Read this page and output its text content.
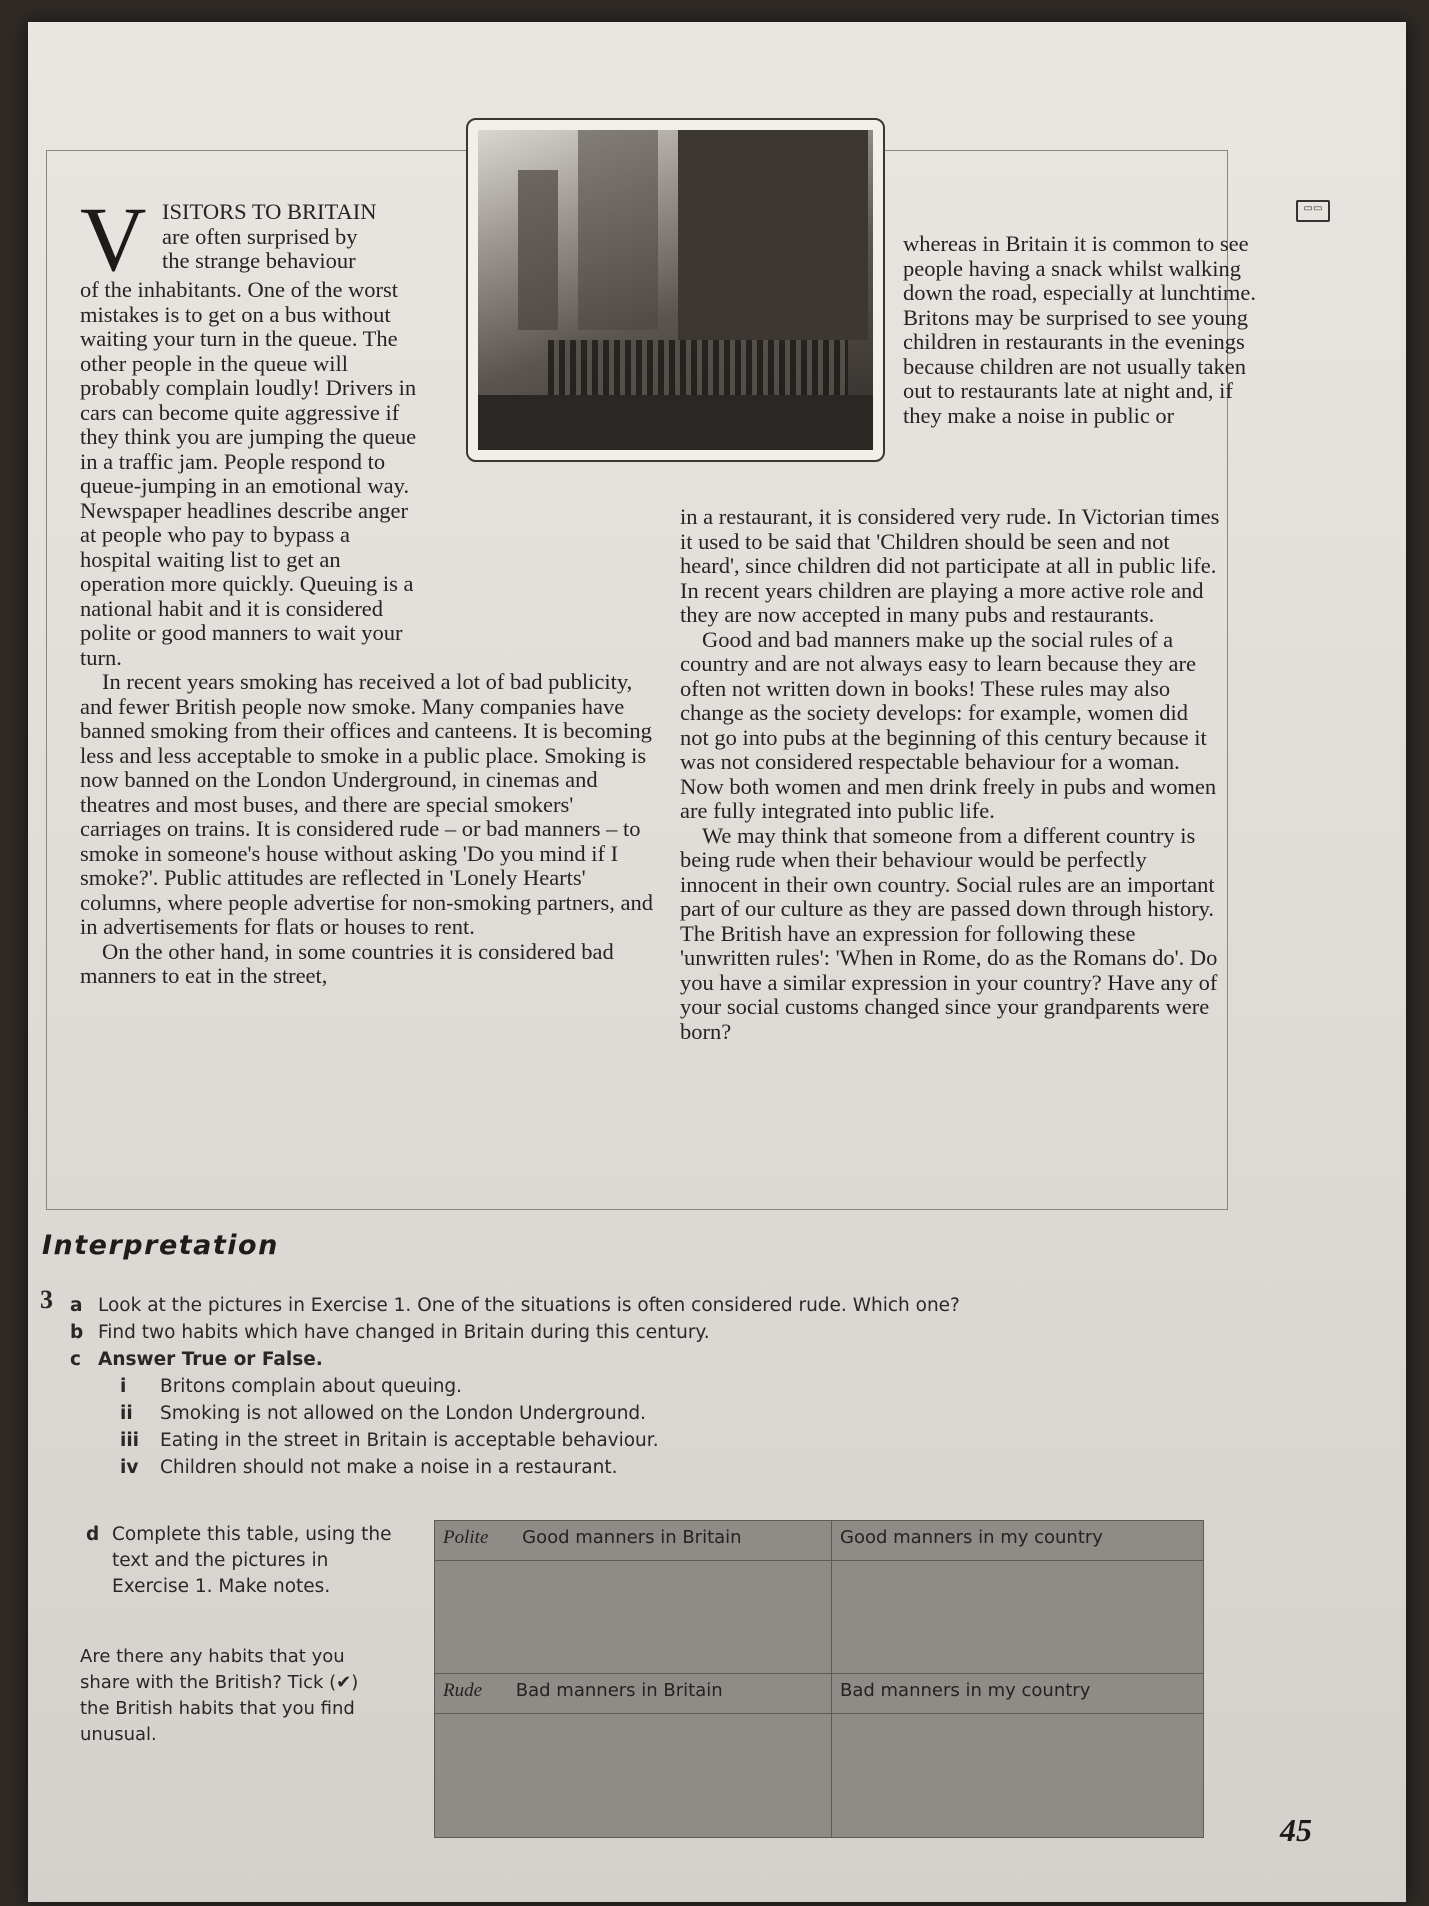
▭▭
V ISITORS TO BRITAIN
are often surprised by
the strange behaviour

of the inhabitants. One of the worst mistakes is to get on a bus without waiting your turn in the queue. The other people in the queue will probably complain loudly! Drivers in cars can become quite aggressive if they think you are jumping the queue in a traffic jam. People respond to queue-jumping in an emotional way. Newspaper headlines describe anger at people who pay to bypass a hospital waiting list to get an operation more quickly. Queuing is a national habit and it is considered polite or good manners to wait your turn.

In recent years smoking has received a lot of bad publicity, and fewer British people now smoke. Many companies have banned smoking from their offices and canteens. It is becoming less and less acceptable to smoke in a public place. Smoking is now banned on the London Underground, in cinemas and theatres and most buses, and there are special smokers' carriages on trains. It is considered rude – or bad manners – to smoke in someone's house without asking 'Do you mind if I smoke?'. Public attitudes are reflected in 'Lonely Hearts' columns, where people advertise for non-smoking partners, and in advertisements for flats or houses to rent.

On the other hand, in some countries it is considered bad manners to eat in the street,

whereas in Britain it is common to see people having a snack whilst walking down the road, especially at lunchtime. Britons may be surprised to see young children in restaurants in the evenings because children are not usually taken out to restaurants late at night and, if they make a noise in public or

in a restaurant, it is considered very rude. In Victorian times it used to be said that 'Children should be seen and not heard', since children did not participate at all in public life. In recent years children are playing a more active role and they are now accepted in many pubs and restaurants.

Good and bad manners make up the social rules of a country and are not always easy to learn because they are often not written down in books! These rules may also change as the society develops: for example, women did not go into pubs at the beginning of this century because it was not considered respectable behaviour for a woman. Now both women and men drink freely in pubs and women are fully integrated into public life.

We may think that someone from a different country is being rude when their behaviour would be perfectly innocent in their own country. Social rules are an important part of our culture as they are passed down through history. The British have an expression for following these 'unwritten rules': 'When in Rome, do as the Romans do'. Do you have a similar expression in your country? Have any of your social customs changed since your grandparents were born?

Interpretation
3 a Look at the pictures in Exercise 1. One of the situations is often considered rude. Which one?
b Find two habits which have changed in Britain during this century.
c Answer True or False.
i Britons complain about queuing.
ii Smoking is not allowed on the London Underground.
iii Eating in the street in Britain is acceptable behaviour.
iv Children should not make a noise in a restaurant.
d Complete this table, using the text and the pictures in Exercise 1. Make notes.
Are there any habits that you share with the British? Tick (✔) the British habits that you find unusual.
Polite Good manners in Britain	Good manners in my country

Rude Bad manners in Britain	Bad manners in my country

45
